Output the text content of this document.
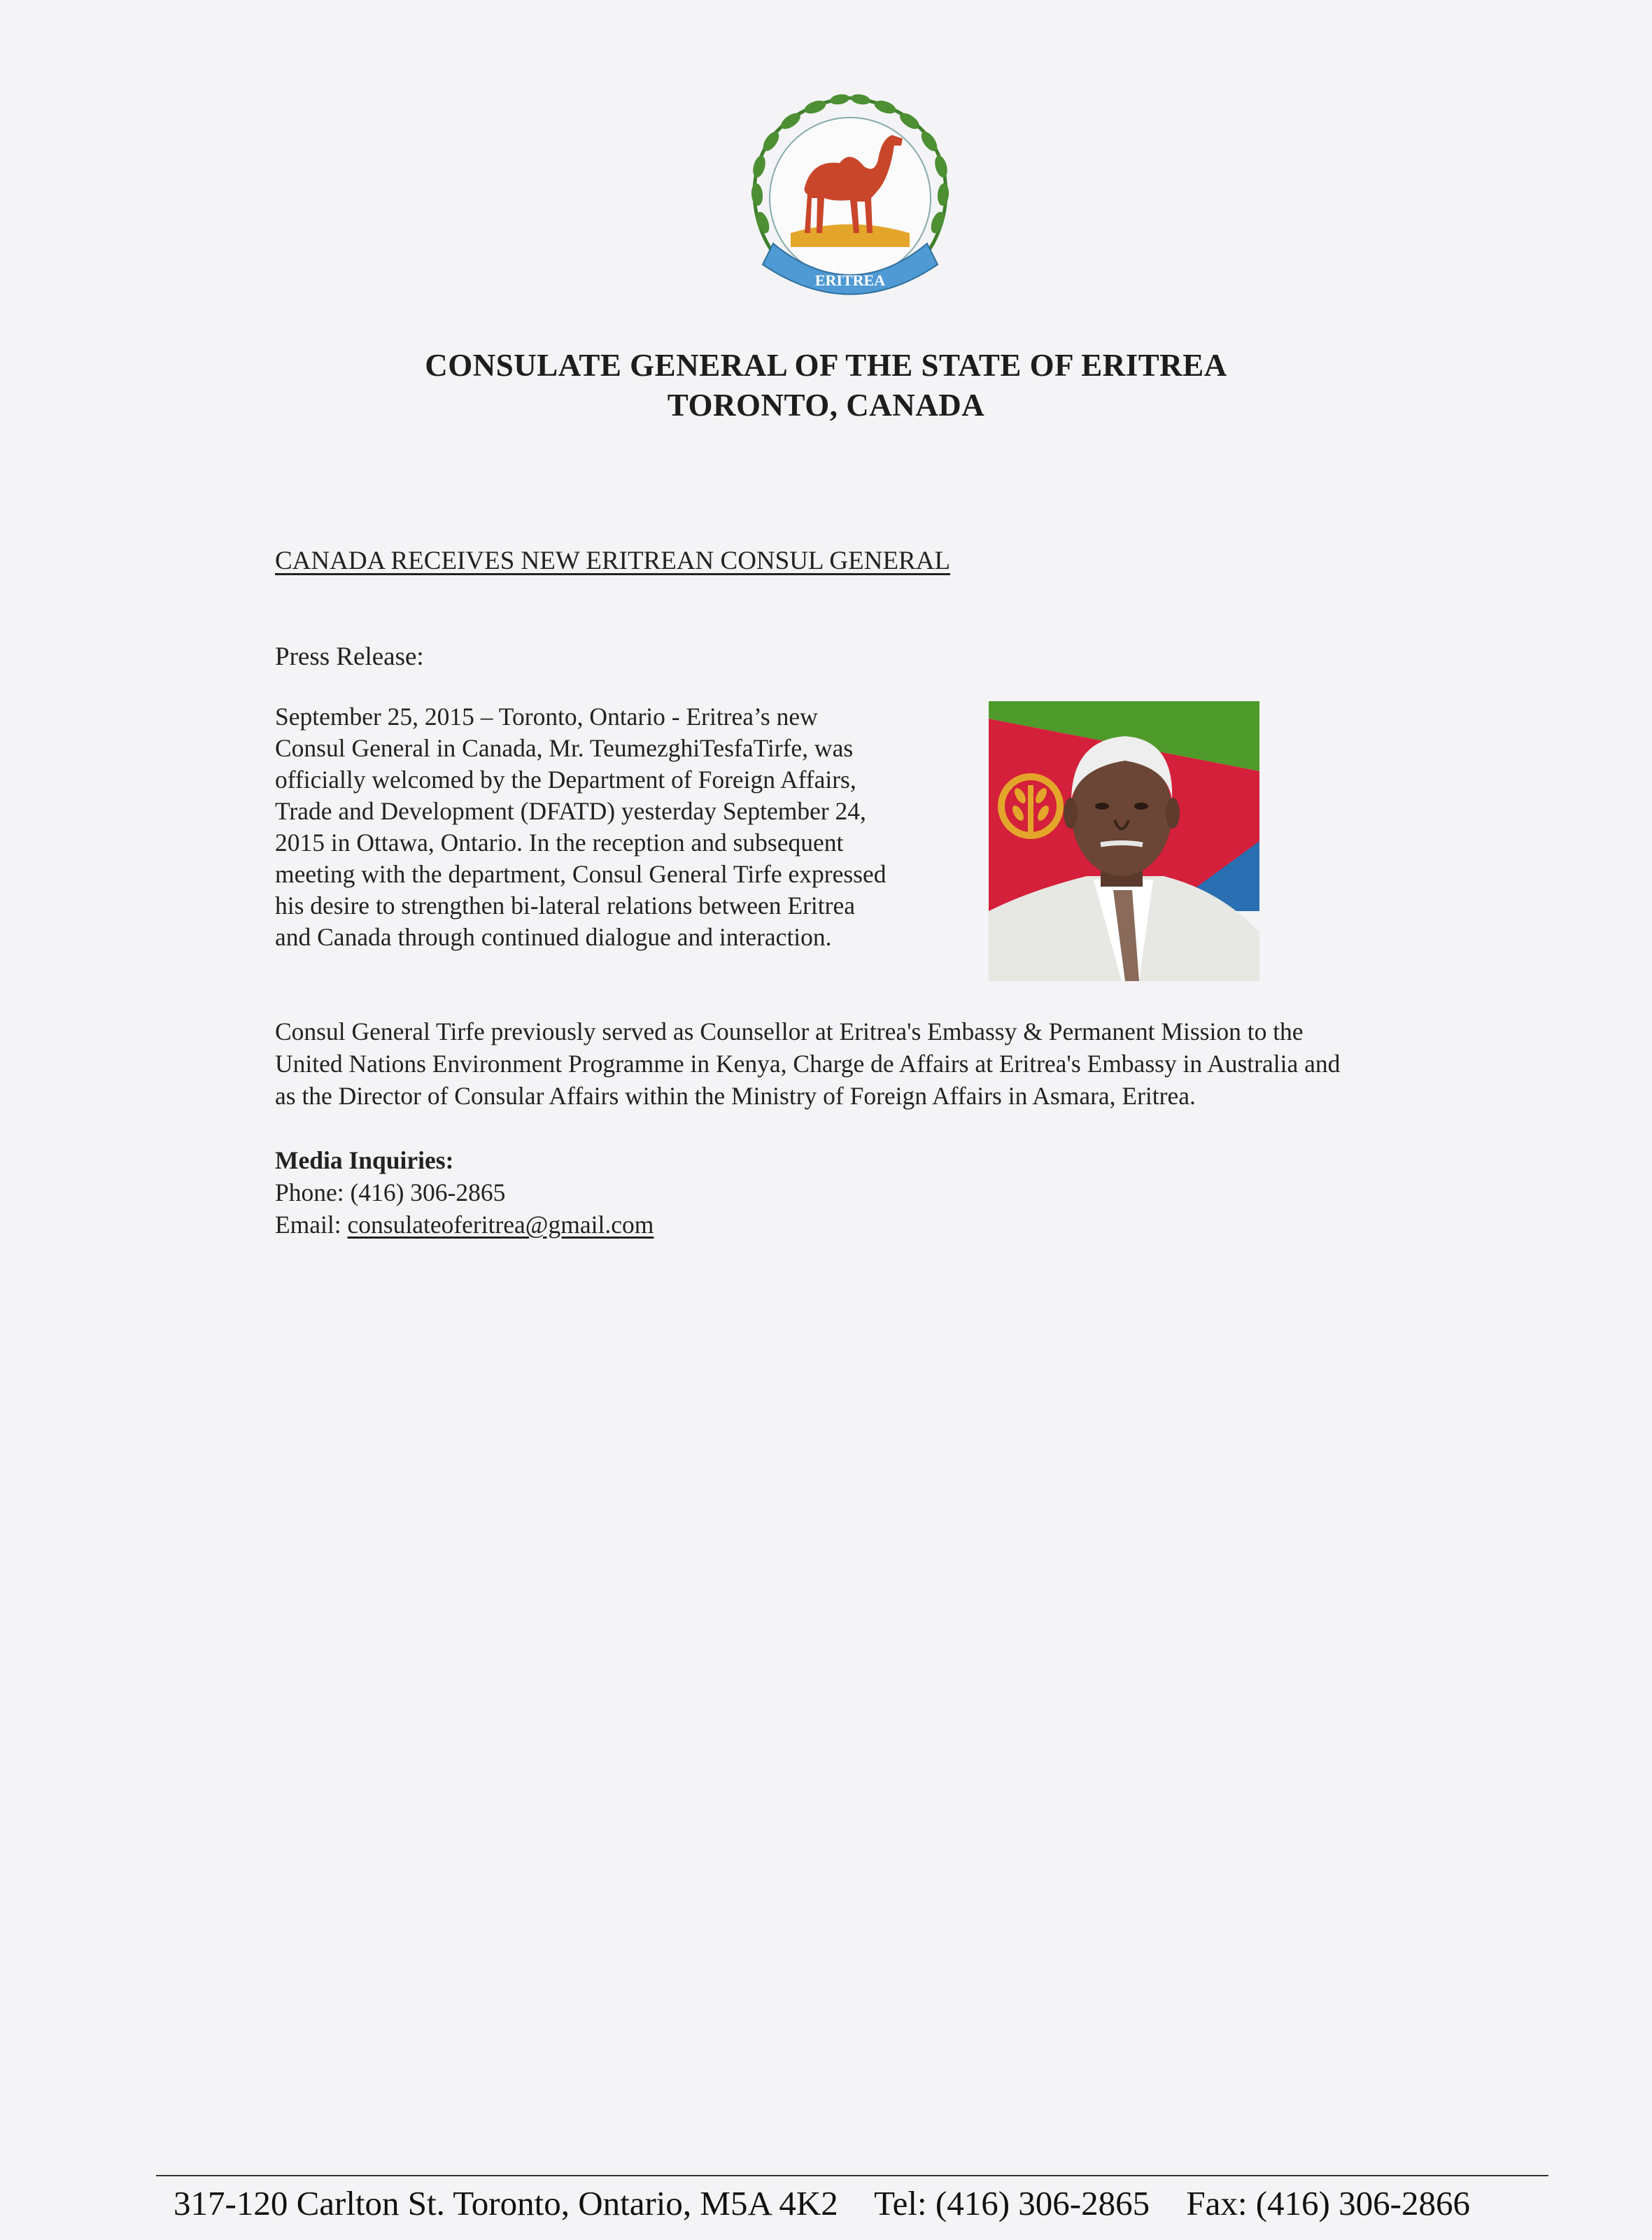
THE STATE OF
ERITREA
CONSULATE GENERAL OF THE STATE OF ERITREA
TORONTO, CANADA
CANADA RECEIVES NEW ERITREAN CONSUL GENERAL
Press Release:
September 25, 2015 – Toronto, Ontario - Eritrea’s new
Consul General in Canada, Mr. TeumezghiTesfaTirfe, was
officially welcomed by the Department of Foreign Affairs,
Trade and Development (DFATD) yesterday September 24,
2015 in Ottawa, Ontario. In the reception and subsequent
meeting with the department, Consul General Tirfe expressed
his desire to strengthen bi-lateral relations between Eritrea
and Canada through continued dialogue and interaction.
Consul General Tirfe previously served as Counsellor at Eritrea's Embassy & Permanent Mission to the
United Nations Environment Programme in Kenya, Charge de Affairs at Eritrea's Embassy in Australia and
as the Director of Consular Affairs within the Ministry of Foreign Affairs in Asmara, Eritrea.
Media Inquiries:
Phone: (416) 306-2865
Email: consulateoferitrea@gmail.com
317-120 Carlton St. Toronto, Ontario, M5A 4K2 Tel: (416) 306-2865 Fax: (416) 306-2866
